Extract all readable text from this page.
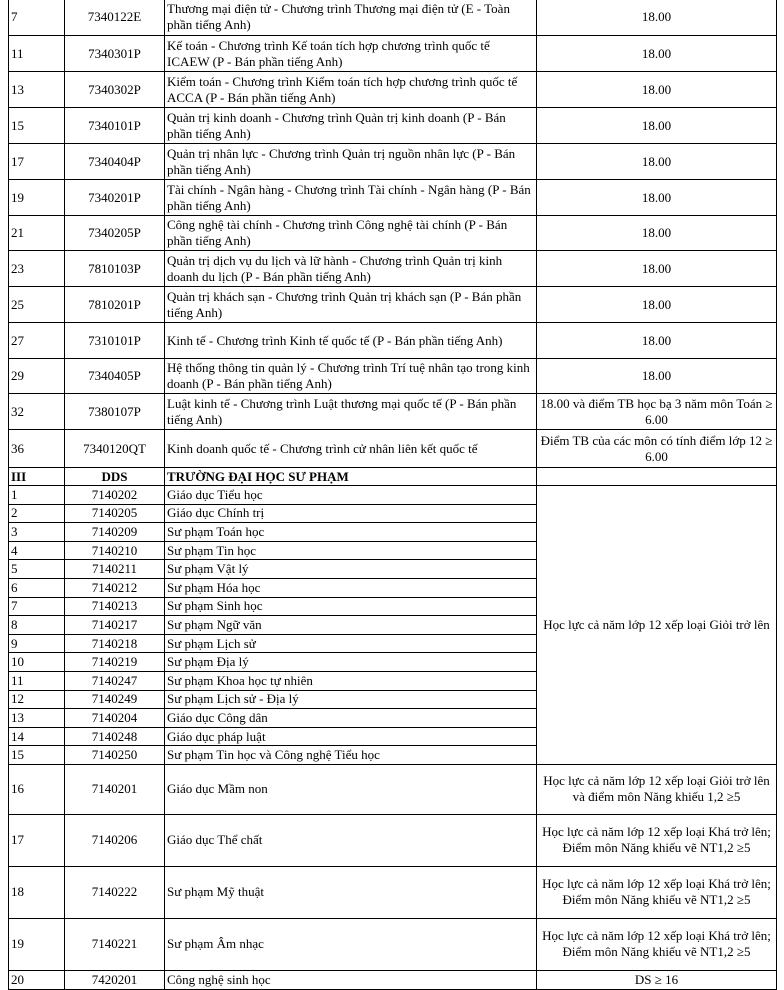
7	7340122E	Thương mại điện tử - Chương trình Thương mại điện tử (E - Toàn phần tiếng Anh)	18.00
11	7340301P	Kế toán - Chương trình Kế toán tích hợp chương trình quốc tế ICAEW (P - Bán phần tiếng Anh)	18.00
13	7340302P	Kiểm toán - Chương trình Kiểm toán tích hợp chương trình quốc tế ACCA (P - Bán phần tiếng Anh)	18.00
15	7340101P	Quản trị kinh doanh - Chương trình Quản trị kinh doanh (P - Bán phần tiếng Anh)	18.00
17	7340404P	Quản trị nhân lực - Chương trình Quản trị nguồn nhân lực (P - Bán phần tiếng Anh)	18.00
19	7340201P	Tài chính - Ngân hàng - Chương trình Tài chính - Ngân hàng (P - Bán phần tiếng Anh)	18.00
21	7340205P	Công nghệ tài chính - Chương trình Công nghệ tài chính (P - Bán phần tiếng Anh)	18.00
23	7810103P	Quản trị dịch vụ du lịch và lữ hành - Chương trình Quản trị kinh doanh du lịch (P - Bán phần tiếng Anh)	18.00
25	7810201P	Quản trị khách sạn - Chương trình Quản trị khách sạn (P - Bán phần tiếng Anh)	18.00
27	7310101P	Kinh tế - Chương trình Kinh tế quốc tế (P - Bán phần tiếng Anh)	18.00
29	7340405P	Hệ thống thông tin quản lý - Chương trình Trí tuệ nhân tạo trong kinh doanh (P - Bán phần tiếng Anh)	18.00
32	7380107P	Luật kinh tế - Chương trình Luật thương mại quốc tế (P - Bán phần tiếng Anh)	18.00 và điểm TB học bạ 3 năm môn Toán ≥ 6.00
36	7340120QT	Kinh doanh quốc tế - Chương trình cử nhân liên kết quốc tế	Điểm TB của các môn có tính điểm lớp 12 ≥ 6.00
III	DDS	TRƯỜNG ĐẠI HỌC SƯ PHẠM	
1	7140202	Giáo dục Tiểu học	Học lực cả năm lớp 12 xếp loại Giỏi trở lên
2	7140205	Giáo dục Chính trị	
3	7140209	Sư phạm Toán học	
4	7140210	Sư phạm Tin học	
5	7140211	Sư phạm Vật lý	
6	7140212	Sư phạm Hóa học	
7	7140213	Sư phạm Sinh học	
8	7140217	Sư phạm Ngữ văn	
9	7140218	Sư phạm Lịch sử	
10	7140219	Sư phạm Địa lý	
11	7140247	Sư phạm Khoa học tự nhiên	
12	7140249	Sư phạm Lịch sử - Địa lý	
13	7140204	Giáo dục Công dân	
14	7140248	Giáo dục pháp luật	
15	7140250	Sư phạm Tin học và Công nghệ Tiểu học	
16	7140201	Giáo dục Mầm non	Học lực cả năm lớp 12 xếp loại Giỏi trở lên và điểm môn Năng khiếu 1,2 ≥5
17	7140206	Giáo dục Thể chất	Học lực cả năm lớp 12 xếp loại Khá trở lên; Điểm môn Năng khiếu vẽ NT1,2 ≥5
18	7140222	Sư phạm Mỹ thuật	Học lực cả năm lớp 12 xếp loại Khá trở lên; Điểm môn Năng khiếu vẽ NT1,2 ≥5
19	7140221	Sư phạm Âm nhạc	Học lực cả năm lớp 12 xếp loại Khá trở lên; Điểm môn Năng khiếu vẽ NT1,2 ≥5
20	7420201	Công nghệ sinh học	DS ≥ 16
